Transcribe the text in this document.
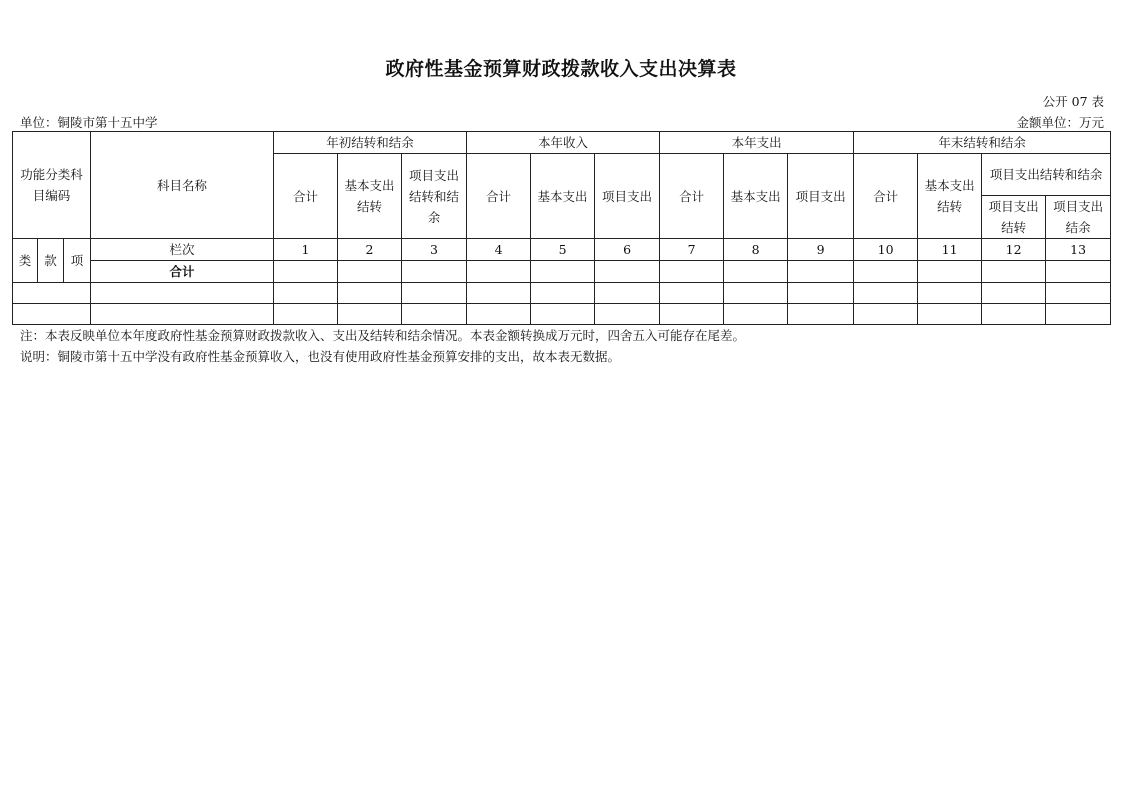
政府性基金预算财政拨款收入支出决算表
公开 07 表
单位：铜陵市第十五中学	金额单位：万元
功能分类科目编码			科目名称	年初结转和结余			本年收入			本年支出			年末结转和结余			
				合计	基本支出结转	项目支出结转和结余	合计	基本支出	项目支出	合计	基本支出	项目支出	合计	基本支出结转	项目支出结转和结余	
															项目支出结转	项目支出结余
类	款	项	栏次	1	2	3	4	5	6	7	8	9	10	11	12	13
			合计													

注：本表反映单位本年度政府性基金预算财政拨款收入、支出及结转和结余情况。本表金额转换成万元时，四舍五入可能存在尾差。
说明：铜陵市第十五中学没有政府性基金预算收入，也没有使用政府性基金预算安排的支出，故本表无数据。
